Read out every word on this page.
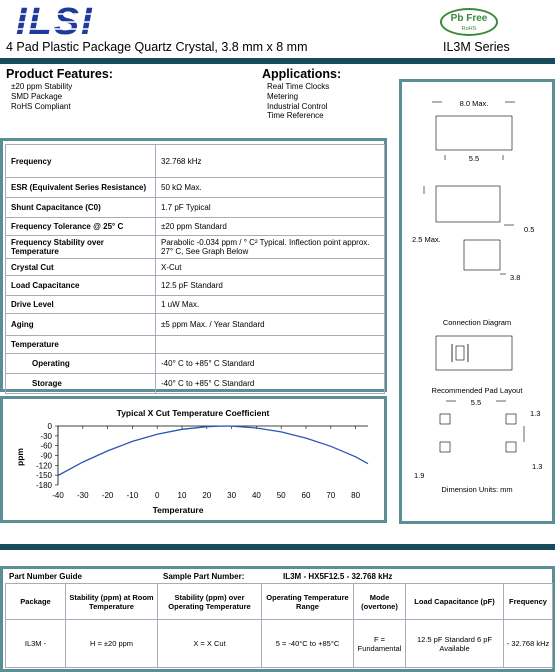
ILSI	Pb Free
RoHS
4 Pad Plastic Package Quartz Crystal, 3.8 mm x 8 mm	IL3M Series
Product Features:
±20 ppm Stability
SMD Package
RoHS Compliant
Applications:
Real Time Clocks
Metering
Industrial Control
Time Reference
Frequency	32.768 kHz
ESR (Equivalent Series Resistance)	50 kΩ Max.
Shunt Capacitance (C0)	1.7 pF Typical
Frequency Tolerance @ 25° C	±20 ppm Standard
Frequency Stability over Temperature	Parabolic -0.034 ppm / ° C² Typical. Inflection point approx. 27° C, See Graph Below
Crystal Cut	X-Cut
Load Capacitance	12.5 pF Standard
Drive Level	1 uW Max.
Aging	±5 ppm Max. / Year Standard
Temperature	
Operating	-40° C to +85° C Standard
Storage	-40° C to +85° C Standard
Typical X Cut Temperature Coefficient
Temperature
ppm
0
-30
-60
-90
-120
-150
-180
-40 -30 -20 -10 0 10 20 30 40 50 60 70 80
8.0 Max.
5.5
0.5
2.5 Max.
3.8
Connection Diagram
Recommended Pad Layout
5.5
1.3
1.9
1.3
Dimension Units: mm
Part Number Guide	Sample Part Number:	IL3M - HX5F12.5 - 32.768 kHz
Package	Stability (ppm) at Room Temperature	Stability (ppm) over Operating Temperature	Operating Temperature Range	Mode (overtone)	Load Capacitance (pF)	Frequency
IL3M -	H = ±20 ppm	X = X Cut	5 = -40°C to +85°C	F = Fundamental	12.5 pF Standard 6 pF Available	- 32.768 kHz
